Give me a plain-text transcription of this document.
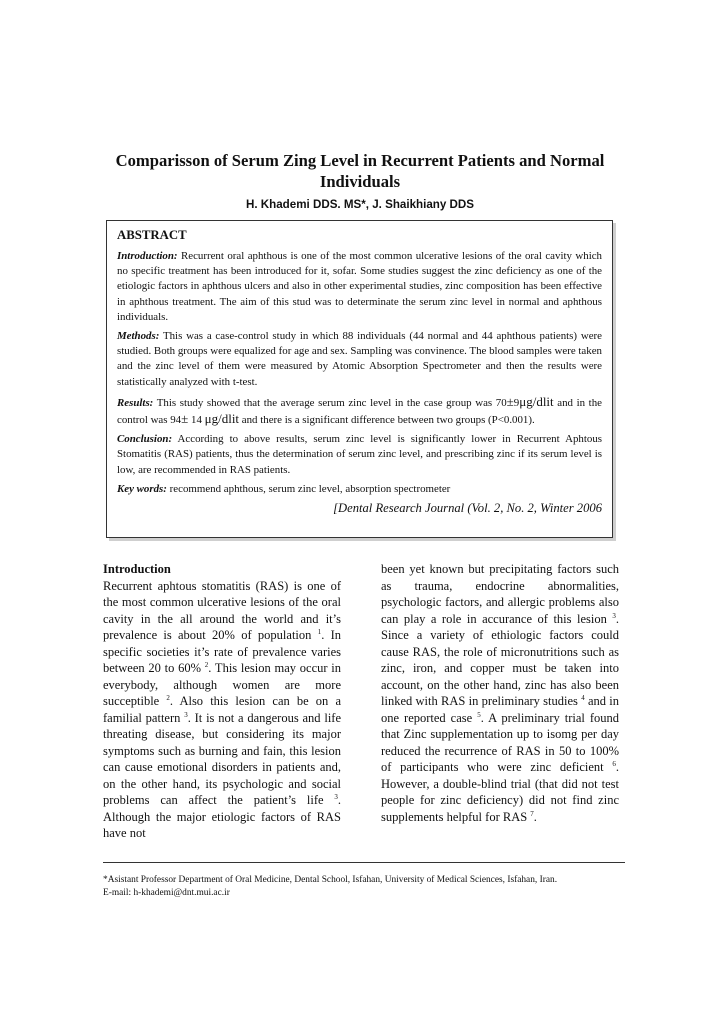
Comparisson of Serum Zing Level in Recurrent Patients and Normal Individuals
H. Khademi DDS. MS*, J. Shaikhiany DDS
ABSTRACT

Introduction: Recurrent oral aphthous is one of the most common ulcerative lesions of the oral cavity which no specific treatment has been introduced for it, sofar. Some studies suggest the zinc deficiency as one of the etiologic factors in aphthous ulcers and also in other experimental studies, zinc composition has been effective in aphthous treatment. The aim of this stud was to determinate the serum zinc level in normal and aphthous individuals.

Methods: This was a case-control study in which 88 individuals (44 normal and 44 aphthous patients) were studied. Both groups were equalized for age and sex. Sampling was convinence. The blood samples were taken and the zinc level of them were measured by Atomic Absorption Spectrometer and then the results were statistically analyzed with t-test.

Results: This study showed that the average serum zinc level in the case group was 70±9μg/dlit and in the control was 94± 14 μg/dlit and there is a significant difference between two groups (P<0.001).

Conclusion: According to above results, serum zinc level is significantly lower in Recurrent Aphtous Stomatitis (RAS) patients, thus the determination of serum zinc level, and prescribing zinc if its serum level is low, are recommended in RAS patients.

Key words: recommend aphthous, serum zinc level, absorption spectrometer

[Dental Research Journal (Vol. 2, No. 2, Winter 2006
Introduction

Recurrent aphtous stomatitis (RAS) is one of the most common ulcerative lesions of the oral cavity in the all around the world and it’s prevalence is about 20% of population $^1$. In specific societies it’s rate of prevalence varies between 20 to 60% $^2$. This lesion may occur in everybody, although women are more succeptible $^2$. Also this lesion can be on a familial pattern $^3$. It is not a dangerous and life threating disease, but considering its major symptoms such as burning and fain, this lesion can cause emotional disorders in patients and, on the other hand, its psychologic and social problems can affect the patient’s life $^3$. Although the major etiologic factors of RAS have not

been yet known but precipitating factors such as trauma, endocrine abnormalities, psychologic factors, and allergic problems also can play a role in accurance of this lesion $^3$. Since a variety of ethiologic factors could cause RAS, the role of micronutritions such as zinc, iron, and copper must be taken into account, on the other hand, zinc has also been linked with RAS in preliminary studies $^4$ and in one reported case $^5$. A preliminary trial found that Zinc supplementation up to isomg per day reduced the recurrence of RAS in 50 to 100% of participants who were zinc deficient $^6$. However, a double-blind trial (that did not test people for zinc deficiency) did not find zinc supplements helpful for RAS $^7$.

*Asistant Professor Department of Oral Medicine, Dental School, Isfahan, University of Medical Sciences, Isfahan, Iran.
E-mail: h-khademi@dnt.mui.ac.ir
